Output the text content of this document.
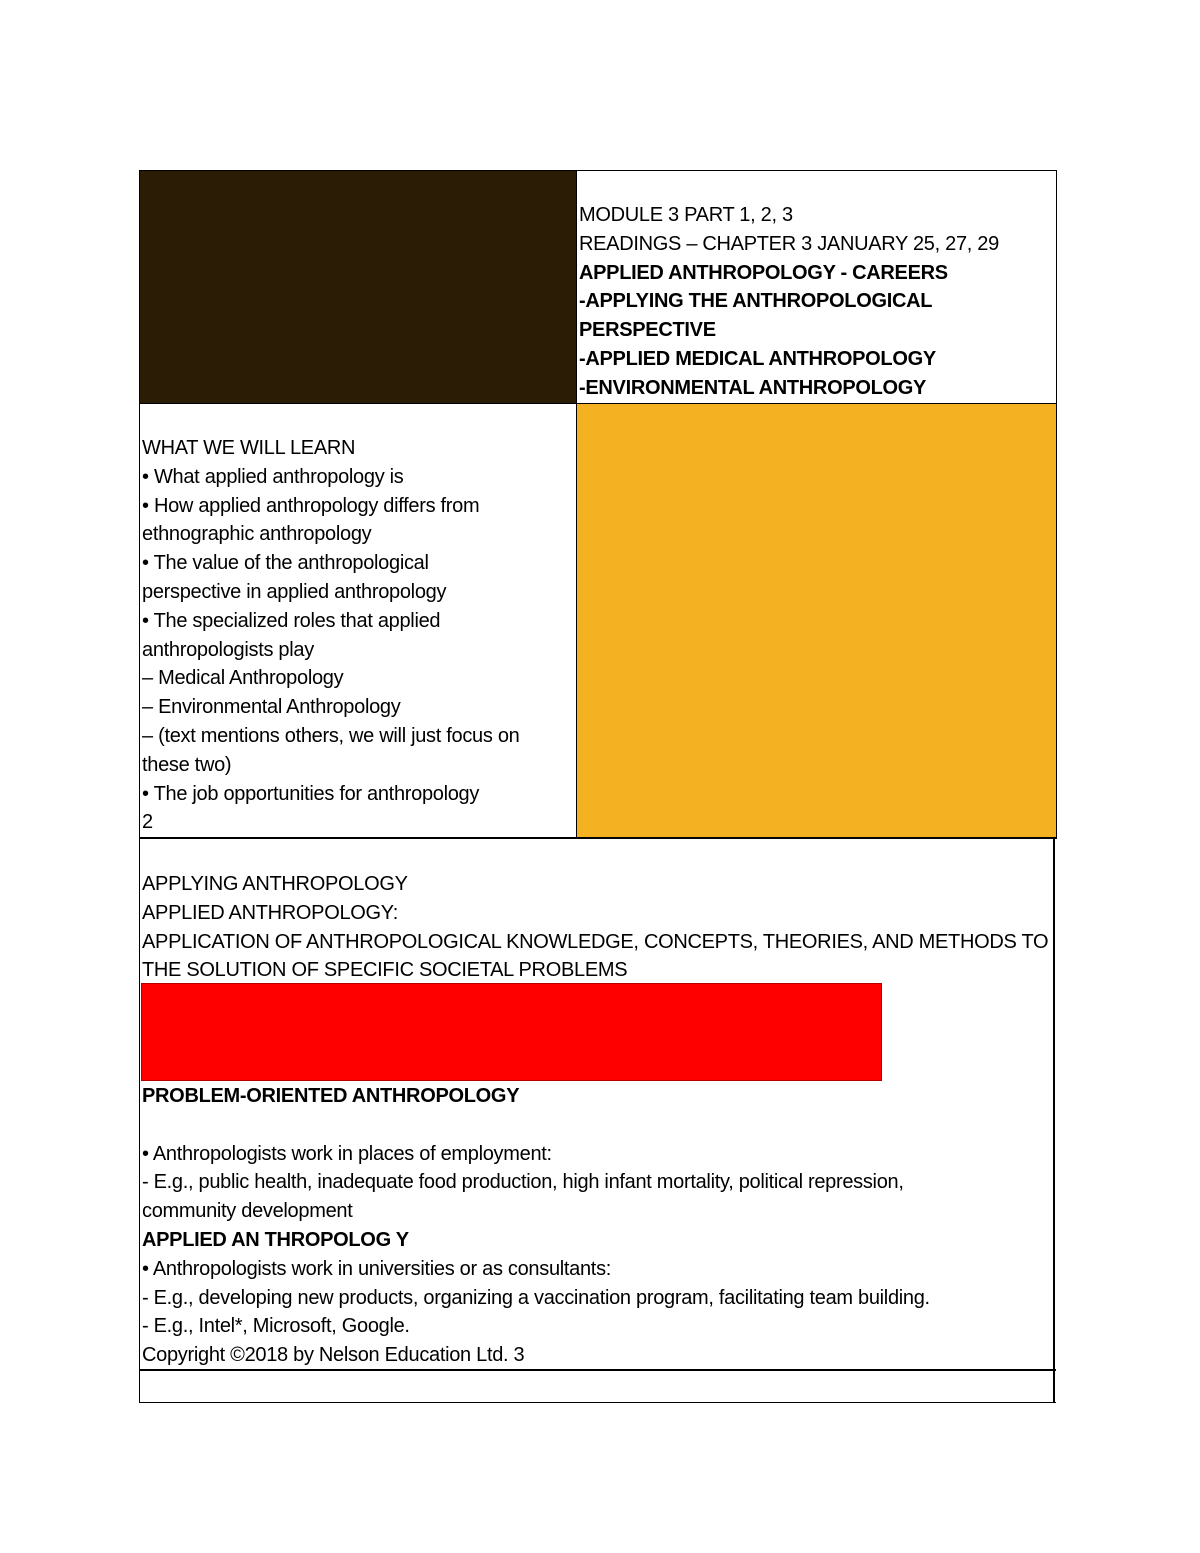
MODULE 3 PART 1, 2, 3
READINGS – CHAPTER 3 JANUARY 25, 27, 29
APPLIED ANTHROPOLOGY - CAREERS
-APPLYING THE ANTHROPOLOGICAL
PERSPECTIVE
-APPLIED MEDICAL ANTHROPOLOGY
-ENVIRONMENTAL ANTHROPOLOGY
WHAT WE WILL LEARN
• What applied anthropology is
• How applied anthropology differs from
ethnographic anthropology
• The value of the anthropological
perspective in applied anthropology
• The specialized roles that applied
anthropologists play
– Medical Anthropology
– Environmental Anthropology
– (text mentions others, we will just focus on
these two)
• The job opportunities for anthropology
2
APPLYING ANTHROPOLOGY
APPLIED ANTHROPOLOGY:
APPLICATION OF ANTHROPOLOGICAL KNOWLEDGE, CONCEPTS, THEORIES, AND METHODS TO
THE SOLUTION OF SPECIFIC SOCIETAL PROBLEMS
PROBLEM-ORIENTED ANTHROPOLOGY

• Anthropologists work in places of employment:
- E.g., public health, inadequate food production, high infant mortality, political repression,
community development
APPLIED AN THROPOLOG Y
• Anthropologists work in universities or as consultants:
- E.g., developing new products, organizing a vaccination program, facilitating team building.
- E.g., Intel*, Microsoft, Google.
Copyright ©2018 by Nelson Education Ltd. 3
